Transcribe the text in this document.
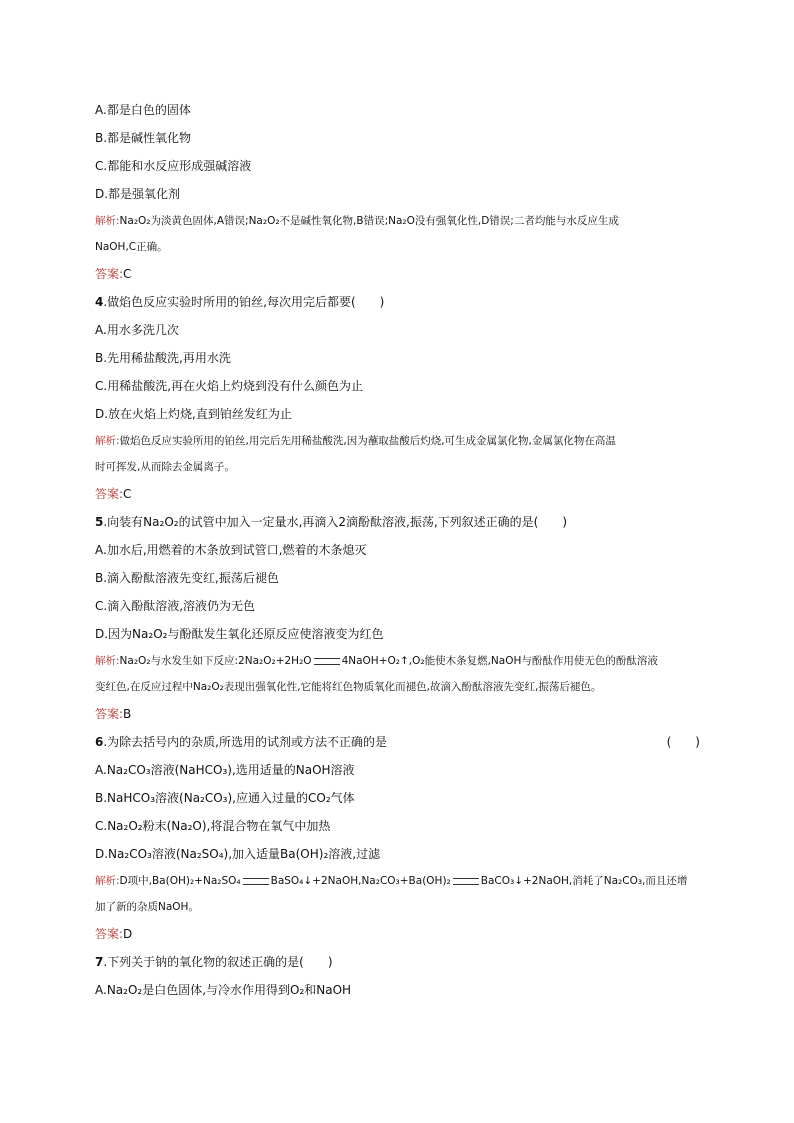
A.都是白色的固体
B.都是碱性氧化物
C.都能和水反应形成强碱溶液
D.都是强氧化剂
解析:Na₂O₂为淡黄色固体,A错误;Na₂O₂不是碱性氧化物,B错误;Na₂O没有强氧化性,D错误;二者均能与水反应生成
NaOH,C正确。
答案:C
4.做焰色反应实验时所用的铂丝,每次用完后都要(　　)
A.用水多洗几次
B.先用稀盐酸洗,再用水洗
C.用稀盐酸洗,再在火焰上灼烧到没有什么颜色为止
D.放在火焰上灼烧,直到铂丝发红为止
解析:做焰色反应实验所用的铂丝,用完后先用稀盐酸洗,因为蘸取盐酸后灼烧,可生成金属氯化物,金属氯化物在高温
时可挥发,从而除去金属离子。
答案:C
5.向装有Na₂O₂的试管中加入一定量水,再滴入2滴酚酞溶液,振荡,下列叙述正确的是(　　)
A.加水后,用燃着的木条放到试管口,燃着的木条熄灭
B.滴入酚酞溶液先变红,振荡后褪色
C.滴入酚酞溶液,溶液仍为无色
D.因为Na₂O₂与酚酞发生氧化还原反应使溶液变为红色
解析:Na₂O₂与水发生如下反应:2Na₂O₂+2H₂O	4NaOH+O₂↑,O₂能使木条复燃,NaOH与酚酞作用使无色的酚酞溶液
变红色,在反应过程中Na₂O₂表现出强氧化性,它能将红色物质氧化而褪色,故滴入酚酞溶液先变红,振荡后褪色。
答案:B
6.为除去括号内的杂质,所选用的试剂或方法不正确的是	(　　)
A.Na₂CO₃溶液(NaHCO₃),选用适量的NaOH溶液
B.NaHCO₃溶液(Na₂CO₃),应通入过量的CO₂气体
C.Na₂O₂粉末(Na₂O),将混合物在氧气中加热
D.Na₂CO₃溶液(Na₂SO₄),加入适量Ba(OH)₂溶液,过滤
解析:D项中,Ba(OH)₂+Na₂SO₄	BaSO₄↓+2NaOH,Na₂CO₃+Ba(OH)₂	BaCO₃↓+2NaOH,消耗了Na₂CO₃,而且还增
加了新的杂质NaOH。
答案:D
7.下列关于钠的氧化物的叙述正确的是(　　)
A.Na₂O₂是白色固体,与冷水作用得到O₂和NaOH
